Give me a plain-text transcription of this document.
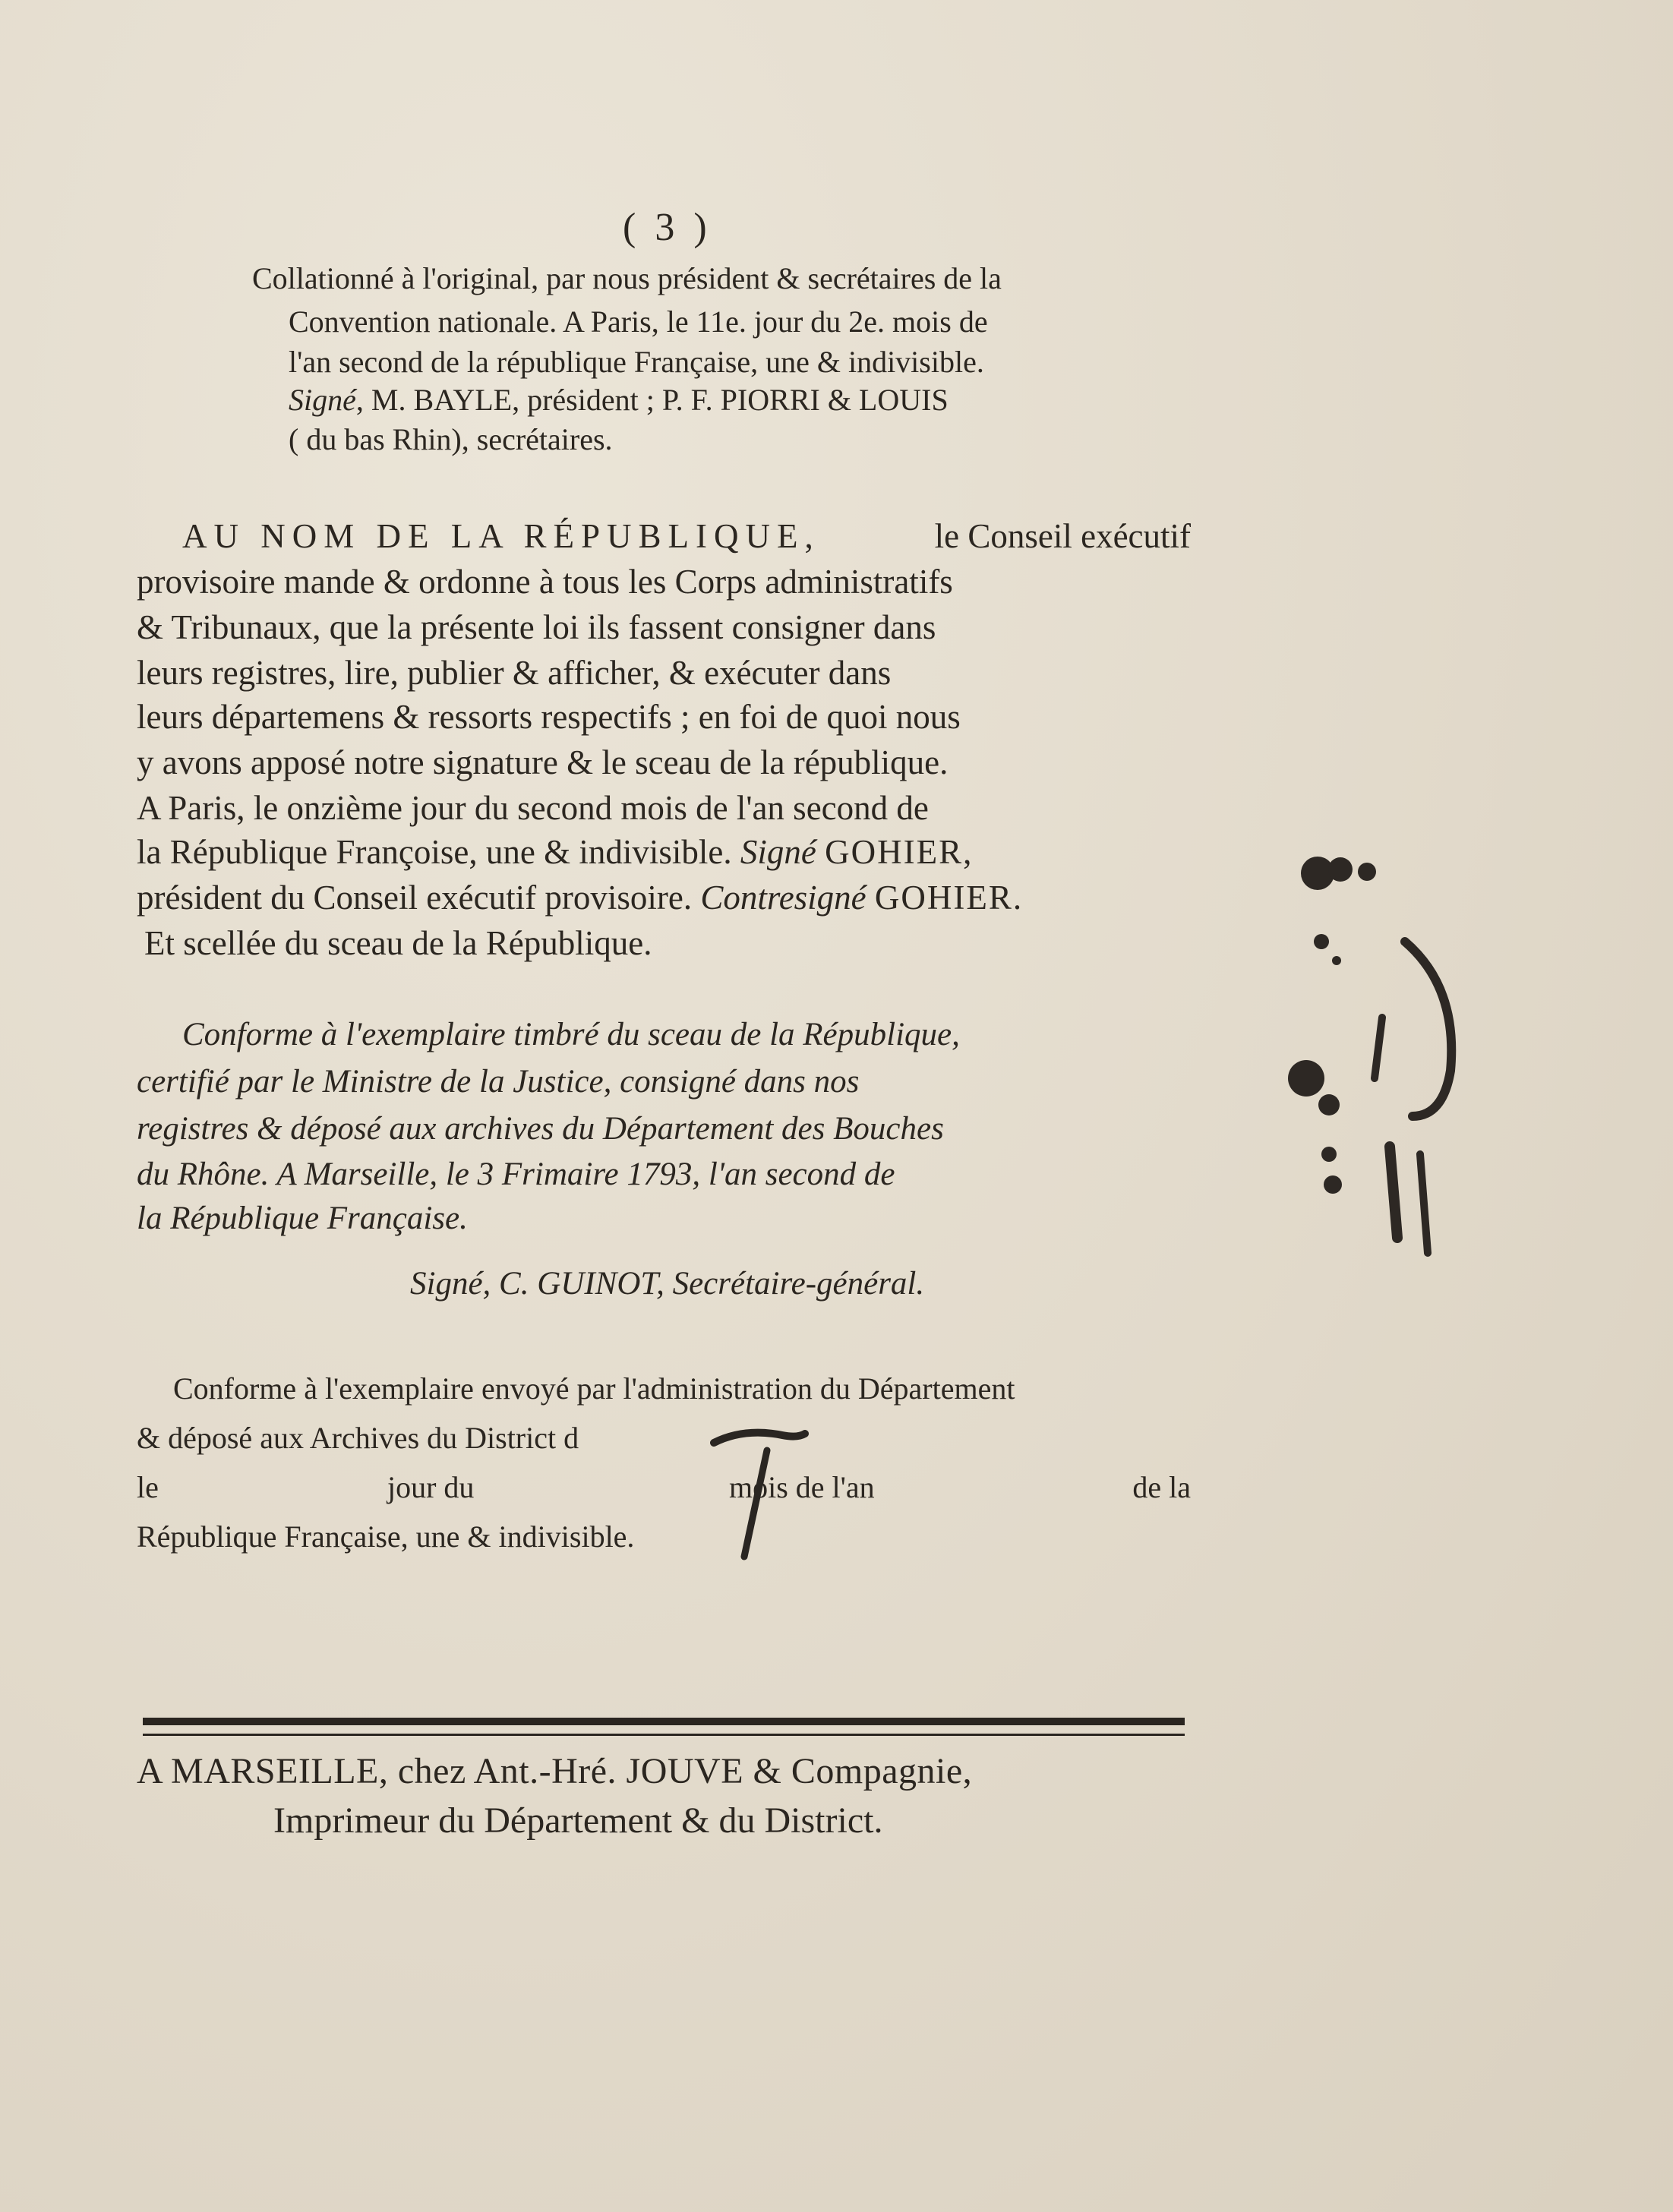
( 3 )
Collationné à l'original, par nous président & secrétaires de la
Convention nationale. A Paris, le 11e. jour du 2e. mois de
l'an second de la république Française, une & indivisible.
Signé, M. BAYLE, président ; P. F. PIORRI & LOUIS
( du bas Rhin), secrétaires.
AU NOM DE LA RÉPUBLIQUE,	le Conseil exécutif
provisoire mande & ordonne à tous les Corps administratifs
& Tribunaux, que la présente loi ils fassent consigner dans
leurs registres, lire, publier & afficher, & exécuter dans
leurs départemens & ressorts respectifs ; en foi de quoi nous
y avons apposé notre signature & le sceau de la république.
A Paris, le onzième jour du second mois de l'an second de
la République Françoise, une & indivisible. Signé GOHIER,
président du Conseil exécutif provisoire. Contresigné GOHIER.
Et scellée du sceau de la République.
Conforme à l'exemplaire timbré du sceau de la République,
certifié par le Ministre de la Justice, consigné dans nos
registres & déposé aux archives du Département des Bouches
du Rhône. A Marseille, le 3 Frimaire 1793, l'an second de
la République Française.
Signé, C. GUINOT, Secrétaire-général.
Conforme à l'exemplaire envoyé par l'administration du Département
& déposé aux Archives du District d
le	jour du	mois de l'an	de la
République Française, une & indivisible.
A MARSEILLE, chez Ant.-Hré. JOUVE & Compagnie,
Imprimeur du Département & du District.
